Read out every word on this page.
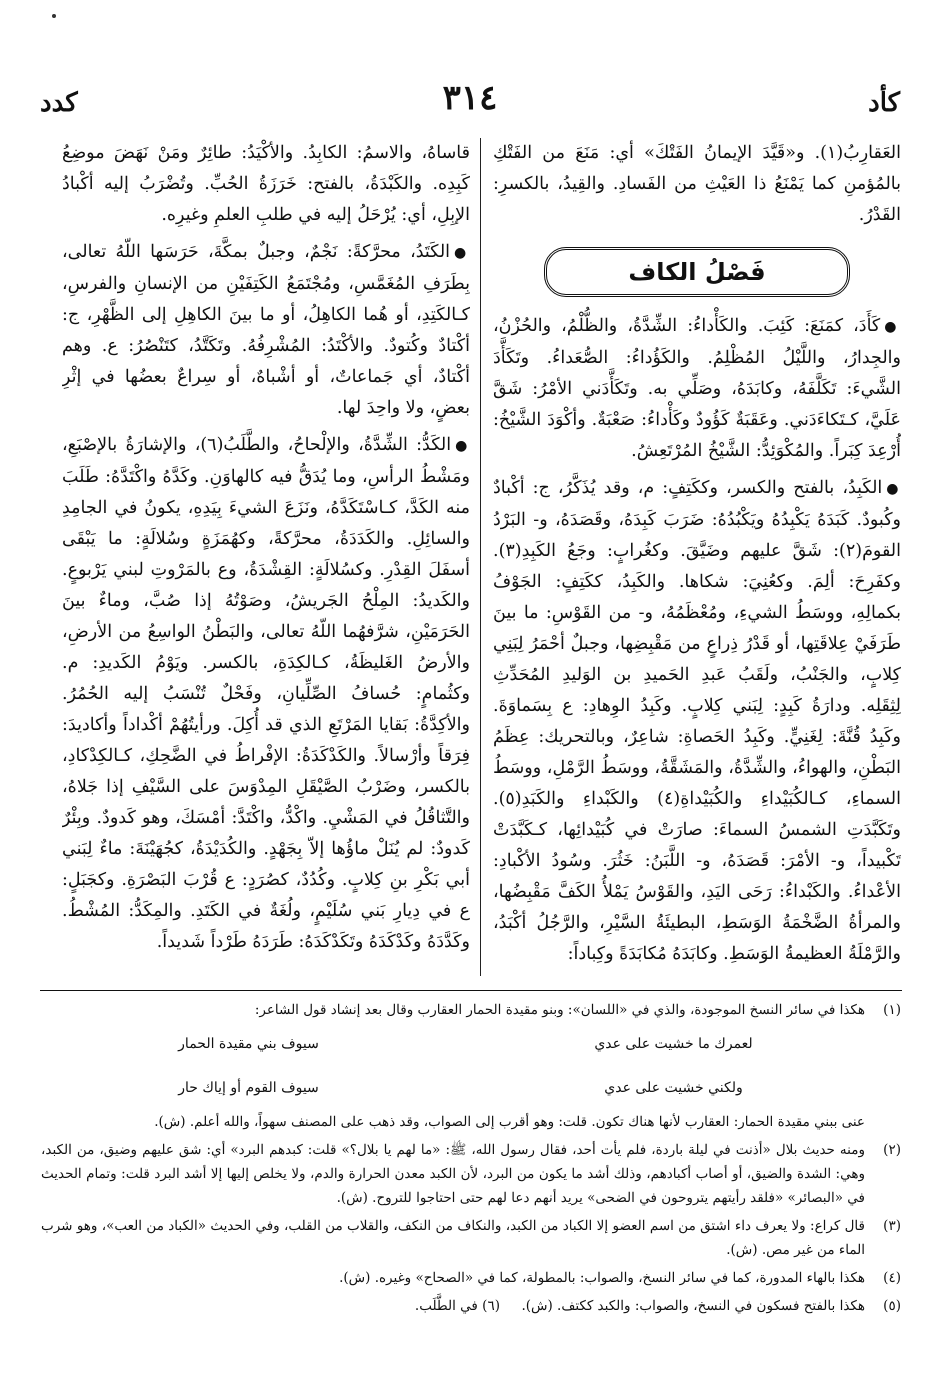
كأد
٣١٤
كدد

العَقارِبُ(١). و«قَيَّدَ الإيمانُ الفَتْكَ» أي: مَنَعَ من الفَتْكِ بالمُؤمنِ كما يَمْنَعُ ذا العَيْثِ من الفَسادِ. والقِيدُ، بالكسرِ: القَدْرُ.

فَصْلُ الكاف

●كَأَدَ، كمَنَعَ: كَئِبَ. والكَأْداءُ: الشِّدَّةُ، والظُّلْمُ، والحُزْنُ، والجِدارُ، واللَّيْلُ المُظْلِمُ. والكَؤُداءُ: الصُّعَداءُ. وتَكَأَّدَ الشَّيءَ: تَكَلَّفَهُ، وكابَدَهُ، وصَلِّي به. وتَكَأَّدَني الأمْرُ: شَقَّ عَلَيَّ، كـتَكاءَدَني. وعَقَبَةٌ كَؤُودٌ وكَأْداءُ: صَعْبَةٌ. وأكْوَدَ الشَّيْخُ: أُرْعِدَ كِبَراً. والمُكْوَئِدُّ: الشَّيْخُ المُرْتَعِشُ.

●الكَبِدُ، بالفتح والكسر، وككَتِفٍ: م، وقد يُذَكَّرُ، ج: أكْبادٌ وكُبودٌ. كَبَدَهُ يَكْبِدُهُ ويَكْبُدُهُ: ضَرَبَ كَبِدَهُ، وقَصَدَهُ، و- البَرْدُ القومَ(٢): شَقَّ عليهم وضَيَّقَ. وكغُرابٍ: وجَعُ الكَبِدِ(٣). وكفَرِحَ: ألِمَ. وكعُنِيَ: شكاها. والكَبِدُ، ككَتِفٍ: الجَوْفُ بكمالِهِ، ووسَطُ الشيءِ، ومُعْظَمُهُ، و- من القَوْسِ: ما بينَ طَرَفَيْ عِلاقَتِها، أو قَدْرُ ذِراعٍ من مَقْبِضِها، وجبلٌ أحْمَرُ لِبَنِي كِلابٍ، والجَنْبُ، ولَقَبُ عَبدِ الحَميدِ بن الوَليدِ المُحَدِّثِ لِثِقَلِه. ودارَةُ كَبِدٍ: لِبَني كِلابٍ. وكَبِدُ الوِهادِ: ع بِسَماوَةَ. وكَبِدُ قُنَّةَ: لِغَنِيٍّ. وكَبِدُ الحَصاةِ: شاعِرٌ، وبالتحريك: عِظَمُ البَطْنِ، والهواءُ، والشِّدَّةُ، والمَشَقَّةُ، ووسَطُ الرَّمْلِ، ووسَطُ السماءِ، كـالكُبَيْداءِ والكُبَيْداةِ(٤) والكَبْداءِ والكَبَدِ(٥). وتَكَبَّدَتِ الشمسُ السماءَ: صارَتْ في كُبَيْدائِها، كـكَبَّدَتْ تَكْبيداً، و- الأمْرَ: قَصَدَهُ، و- اللَّبَنُ: خَثُرَ. وسُودُ الأكْبادِ: الأعْداءُ. والكَبْداءُ: رَحَى اليَدِ، والقَوْسُ يَمْلأُ الكَفَّ مَقْبِضُها، والمرأةُ الضَّخْمَةُ الوَسَطِ، البطيئَةُ السَّيْرِ، والرَّجُلُ أكْبَدُ، والرَّمْلَةُ العظيمةُ الوَسَطِ. وكابَدَهُ مُكابَدَةً وكِباداً:

قاساهُ، والاسمُ: الكابِدُ. والأكْيَدُ: طائِرٌ ومَنْ نَهَضَ موضِعُ كَبِدِه. والكَبْدَةُ، بالفتح: خَرَزَةُ الحُبِّ. وتُضْرَبُ إليه أكْبادُ الإبِلِ، أي: يُرْحَلُ إليه في طلبِ العلمِ وغيرِه.

●الكَتَدُ، محرَّكةً: نَجْمٌ، وجبلٌ بمكَّةَ، حَرَسَها اللّهُ تعالى، بِطَرَفِ المُغَمَّسِ، ومُجْتَمَعُ الكَتِفَيْنِ من الإنسانِ والفرسِ، كـالكَتِدِ، أو هُما الكاهِلُ، أو ما بينَ الكاهِلِ إلى الظَّهْرِ، ج: أكْتادٌ وكُتودٌ. والأكْتَدُ: المُشْرِفُهُ. وتَكَتَّدُ، كتَنْصُرُ: ع. وهم أكْتادٌ، أي جَماعاتٌ، أو أشْباهٌ، أو سِراعٌ بعضُها في إثْرِ بعضٍ، ولا واحِدَ لها.

●الكَدُّ: الشِّدَّةُ، والإلْحاحُ، والطَّلَبُ(٦)، والإشارَةُ بالإصْبَعِ، ومَشْطُ الرأسِ، وما يُدَقُّ فيه كالهاوَنِ. وكَدَّهُ واكْتَدَّهُ: طَلَبَ منه الكَدَّ، كـاسْتَكَدَّهُ، ونَزَعَ الشيءَ بِيَدِهِ، يكونُ في الجامِدِ والسائِلِ. والكَدَدَةُ، محرَّكةً، وكهُمَزَةٍ وسُلالَةٍ: ما يَبْقَى أسفَلَ القِدْرِ. وكسُلالَةٍ: القِشْدَةُ، وع بالمَرْوتِ لبني يَرْبوعٍ. والكَديدُ: المِلْحُ الجَريشُ، وصَوْتُهُ إذا صُبَّ، وماءٌ بينَ الحَرَمَيْنِ، شرَّفهُما اللّهُ تعالى، والبَطْنُ الواسِعُ من الأرضِ، والأرضُ الغَليظَةُ، كـالكِدَةِ، بالكسر. ويَوْمُ الكَديدِ: م. وكثُمامٍ: حُسافُ الصِّلِّيانِ، وفَحْلٌ تُنْسَبُ إليه الحُمُرُ. والأكِدَّةُ: بَقايا المَرْتَعِ الذي قد أُكِلَ. ورأيتُهُمْ أكْداداً وأكاديدَ: فِرَقاً وأرْسالاً. والكَدْكَدَةُ: الإفْراطُ في الضَّحِكِ، كـالكِدْكادِ، بالكسر، وضَرْبُ الصَّيْقَلِ المِدْوَسَ على السَّيْفِ إذا جَلاهُ، والتَّثاقُلُ في المَشْيِ. واكْدُّ، واكْتَدَّ: أمْسَكَ، وهو كَدودٌ. وبِئْرٌ كَدودٌ: لم يُنَلْ ماؤُها إلاّ بِجَهْدٍ. والكُدَيْدَةُ، كجُهَيْنَةَ: ماءٌ لِبَني أبي بَكْرِ بنِ كِلابٍ. وكُدُدٌ، كصُرَدٍ: ع قُرْبَ البَصْرَةِ. وكجَبَلٍ: ع في دِيارِ بَني سُلَيْمٍ، ولُغَةٌ في الكَتَدِ. والمِكَدُّ: المُشْطُ. وكَدَّدَهُ وكَدْكَدَهُ وتَكَدْكَدَهُ: طَرَدَهُ طَرْداً شَديداً.

(١)
هكذا في سائر النسخ الموجودة، والذي في «اللسان»: وبنو مقيدة الحمار العقارب وقال بعد إنشاد قول الشاعر:
لعمرك ما خشيت على عدي
سيوف بني مقيدة الحمار
ولكني خشيت على عدي
سيوف القوم أو إياك حار
عنى ببني مقيدة الحمار: العقارب لأنها هناك تكون. قلت: وهو أقرب إلى الصواب، وقد ذهب على المصنف سهواً، والله أعلم. (ش).
(٢)
ومنه حديث بلال «أذنت في ليلة باردة، فلم يأت أحد، فقال رسول الله، ﷺ: «ما لهم يا بلال؟» قلت: كبدهم البرد» أي: شق عليهم وضيق، من الكبد، وهي: الشدة والضيق، أو أصاب أكبادهم، وذلك أشد ما يكون من البرد، لأن الكبد معدن الحرارة والدم، ولا يخلص إليها إلا أشد البرد قلت: وتمام الحديث في «البصائر» «فلقد رأيتهم يتروحون في الضحى» يريد أنهم دعا لهم حتى احتاجوا للتروح. (ش).
(٣)
قال كراع: ولا يعرف داء اشتق من اسم العضو إلا الكباد من الكبد، والنكاف من النكف، والقلاب من القلب، وفي الحديث «الكباد من العب»، وهو شرب الماء من غير مص. (ش).
(٤)
هكذا بالهاء المدورة، كما في سائر النسخ، والصواب: بالمطولة، كما في «الصحاح» وغيره. (ش).
(٥)
هكذا بالفتح فسكون في النسخ، والصواب: والكبد ككتف. (ش).     (٦) في الطَّلَب.
